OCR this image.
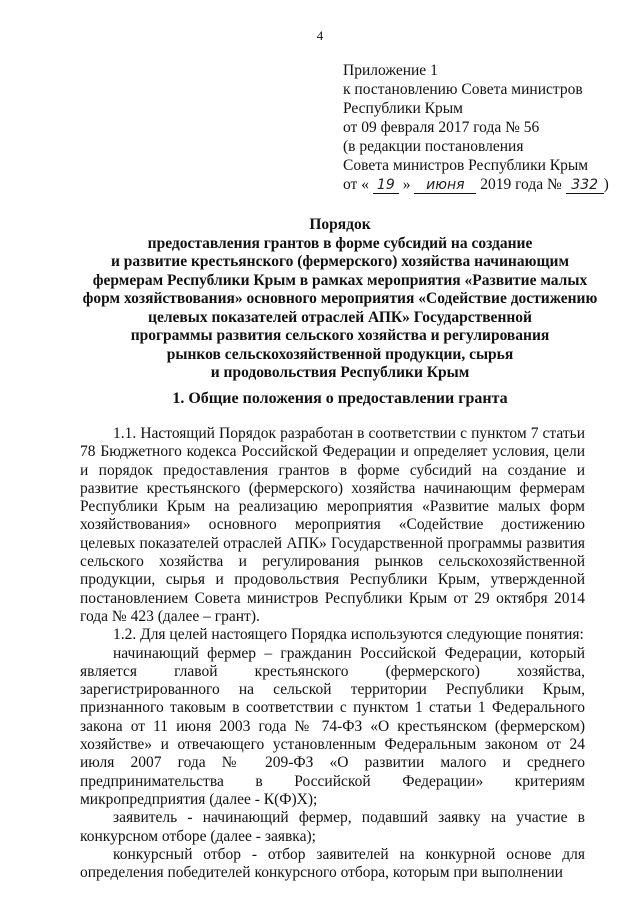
4
Приложение 1
к постановлению Совета министров
Республики Крым
от 09 февраля 2017 года № 56
(в редакции постановления
Совета министров Республики Крым
от « 19 » июня 2019 года № 332 )
Порядок
предоставления грантов в форме субсидий на создание
и развитие крестьянского (фермерского) хозяйства начинающим
фермерам Республики Крым в рамках мероприятия «Развитие малых
форм хозяйствования» основного мероприятия «Содействие достижению
целевых показателей отраслей АПК» Государственной
программы развития сельского хозяйства и регулирования
рынков сельскохозяйственной продукции, сырья
и продовольствия Республики Крым
1. Общие положения о предоставлении гранта

1.1. Настоящий Порядок разработан в соответствии с пунктом 7 статьи 78 Бюджетного кодекса Российской Федерации и определяет условия, цели и порядок предоставления грантов в форме субсидий на создание и развитие крестьянского (фермерского) хозяйства начинающим фермерам Республики Крым на реализацию мероприятия «Развитие малых форм хозяйствования» основного мероприятия «Содействие достижению целевых показателей отраслей АПК» Государственной программы развития сельского хозяйства и регулирования рынков сельскохозяйственной продукции, сырья и продовольствия Республики Крым, утвержденной постановлением Совета министров Республики Крым от 29 октября 2014 года № 423 (далее – грант).

1.2. Для целей настоящего Порядка используются следующие понятия:

начинающий фермер – гражданин Российской Федерации, который является главой крестьянского (фермерского) хозяйства, зарегистрированного на сельской территории Республики Крым, признанного таковым в соответствии с пунктом 1 статьи 1 Федерального закона от 11 июня 2003 года № 74-ФЗ «О крестьянском (фермерском) хозяйстве» и отвечающего установленным Федеральным законом от 24 июля 2007 года № 209-ФЗ «О развитии малого и среднего предпринимательства в Российской Федерации» критериям микропредприятия (далее - К(Ф)Х);

заявитель - начинающий фермер, подавший заявку на участие в конкурсном отборе (далее - заявка);

конкурсный отбор - отбор заявителей на конкурной основе для определения победителей конкурсного отбора, которым при выполнении
